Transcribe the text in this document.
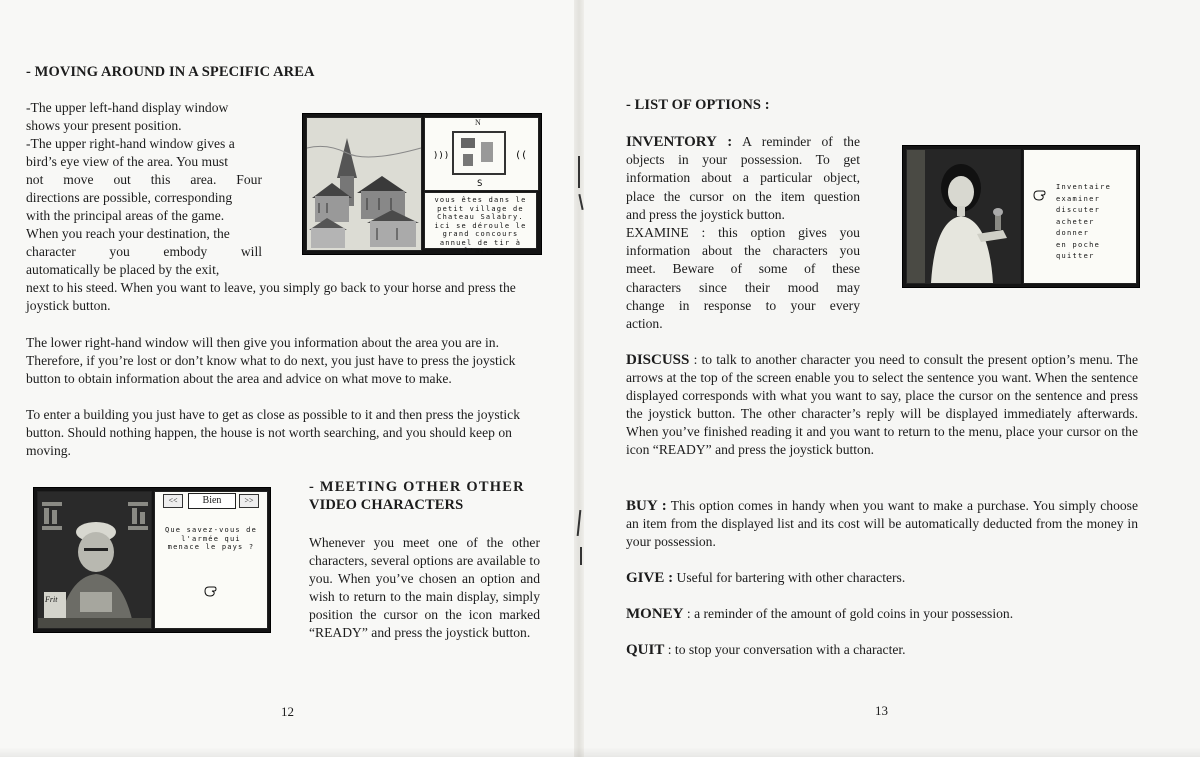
- MOVING AROUND IN A SPECIFIC AREA
-The upper left-hand display window
shows your present position.
-The upper right-hand window gives a
bird’s eye view of the area. You must
not move out this area. Four
directions are possible, corresponding
with the principal areas of the game.
When you reach your destination, the
character you embody will
automatically be placed by the exit,

next to his steed. When you want to leave, you simply go back to your horse and press the joystick button.

The lower right-hand window will then give you information about the area you are in. Therefore, if you’re lost or don’t know what to do next, you just have to press the joystick button to obtain information about the area and advice on what move to make.

To enter a building you just have to get as close as possible to it and then press the joystick button. Should nothing happen, the house is not worth searching, and you should keep on moving.

)))	((
S
N
vous êtes dans le
petit village de
Chateau Salabry.
ici se déroule le
grand concours
annuel de tir à
l'arc.
Frit
<<	Bien	>>
Que savez-vous de
l'armée qui
menace le pays ?
- MEETING OTHER OTHER
VIDEO CHARACTERS

Whenever you meet one of the other characters, several options are available to you. When you’ve chosen an option and wish to return to the main display, simply position the cursor on the icon marked “READY” and press the joystick button.

12
- LIST OF OPTIONS :
INVENTORY : A reminder of the
objects in your possession. To get
information about a particular object,
place the cursor on the item question
and press the joystick button.
EXAMINE : this option gives you
information about the characters you
meet. Beware of some of these
characters since their mood may
change in response to your every
action.
Inventaire
examiner
discuter
acheter
donner
en poche
quitter

DISCUSS : to talk to another character you need to consult the present option’s menu. The arrows at the top of the screen enable you to select the sentence you want. When the sentence displayed corresponds with what you want to say, place the cursor on the sentence and press the joystick button. The other character’s reply will be displayed immediately afterwards. When you’ve finished reading it and you want to return to the menu, place your cursor on the icon “READY” and press the joystick button.

BUY : This option comes in handy when you want to make a purchase. You simply choose an item from the displayed list and its cost will be automatically deducted from the money in your possession.

GIVE : Useful for bartering with other characters.

MONEY : a reminder of the amount of gold coins in your possession.

QUIT : to stop your conversation with a character.

13
